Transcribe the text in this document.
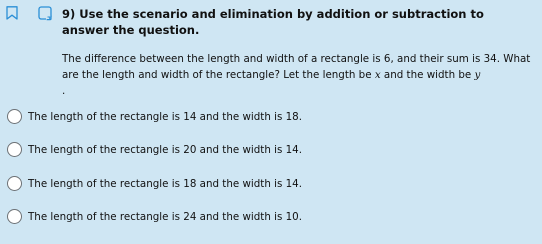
9) Use the scenario and elimination by addition or subtraction to answer the question.
The difference between the length and width of a rectangle is 6, and their sum is 34. What are the length and width of the rectangle? Let the length be x and the width be y
.
The length of the rectangle is 14 and the width is 18.
The length of the rectangle is 20 and the width is 14.
The length of the rectangle is 18 and the width is 14.
The length of the rectangle is 24 and the width is 10.
